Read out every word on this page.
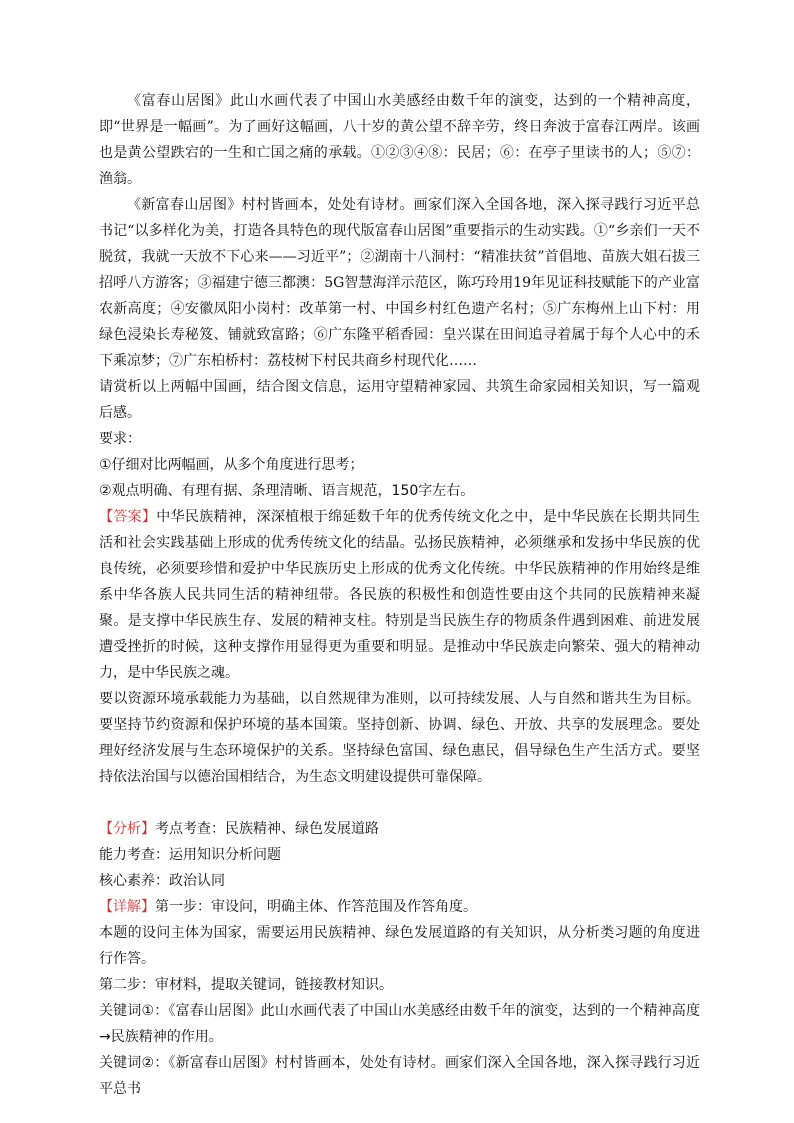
《富春山居图》此山水画代表了中国山水美感经由数千年的演变，达到的一个精神高度，即“世界是一幅画”。为了画好这幅画，八十岁的黄公望不辞辛劳，终日奔波于富春江两岸。该画也是黄公望跌宕的一生和亡国之痛的承载。①②③④⑧：民居；⑥：在亭子里读书的人；⑤⑦：渔翁。

《新富春山居图》村村皆画本，处处有诗材。画家们深入全国各地，深入探寻践行习近平总书记“以多样化为美，打造各具特色的现代版富春山居图”重要指示的生动实践。①“乡亲们一天不脱贫，我就一天放不下心来——习近平”；②湖南十八洞村：“精准扶贫”首倡地、苗族大姐石拔三招呼八方游客；③福建宁德三都澳：5G智慧海洋示范区，陈巧玲用19年见证科技赋能下的产业富农新高度；④安徽凤阳小岗村：改革第一村、中国乡村红色遗产名村；⑤广东梅州上山下村：用绿色浸染长寿秘笈、铺就致富路；⑥广东隆平稻香园：皇兴谋在田间追寻着属于每个人心中的禾下乘凉梦；⑦广东柏桥村：荔枝树下村民共商乡村现代化……

请赏析以上两幅中国画，结合图文信息，运用守望精神家园、共筑生命家园相关知识，写一篇观后感。

要求：

①仔细对比两幅画，从多个角度进行思考；

②观点明确、有理有据、条理清晰、语言规范，150字左右。

【答案】中华民族精神，深深植根于绵延数千年的优秀传统文化之中，是中华民族在长期共同生活和社会实践基础上形成的优秀传统文化的结晶。弘扬民族精神，必须继承和发扬中华民族的优良传统，必须要珍惜和爱护中华民族历史上形成的优秀文化传统。中华民族精神的作用始终是维系中华各族人民共同生活的精神纽带。各民族的积极性和创造性要由这个共同的民族精神来凝聚。是支撑中华民族生存、发展的精神支柱。特别是当民族生存的物质条件遇到困难、前进发展遭受挫折的时候，这种支撑作用显得更为重要和明显。是推动中华民族走向繁荣、强大的精神动力，是中华民族之魂。

要以资源环境承载能力为基础，以自然规律为准则，以可持续发展、人与自然和谐共生为目标。要坚持节约资源和保护环境的基本国策。坚持创新、协调、绿色、开放、共享的发展理念。要处理好经济发展与生态环境保护的关系。坚持绿色富国、绿色惠民，倡导绿色生产生活方式。要坚持依法治国与以德治国相结合，为生态文明建设提供可靠保障。

【分析】考点考查：民族精神、绿色发展道路

能力考查：运用知识分析问题

核心素养：政治认同

【详解】第一步：审设问，明确主体、作答范围及作答角度。

本题的设问主体为国家，需要运用民族精神、绿色发展道路的有关知识，从分析类习题的角度进行作答。

第二步：审材料，提取关键词，链接教材知识。

关键词①：《富春山居图》此山水画代表了中国山水美感经由数千年的演变，达到的一个精神高度→民族精神的作用。

关键词②：《新富春山居图》村村皆画本，处处有诗材。画家们深入全国各地，深入探寻践行习近平总书
